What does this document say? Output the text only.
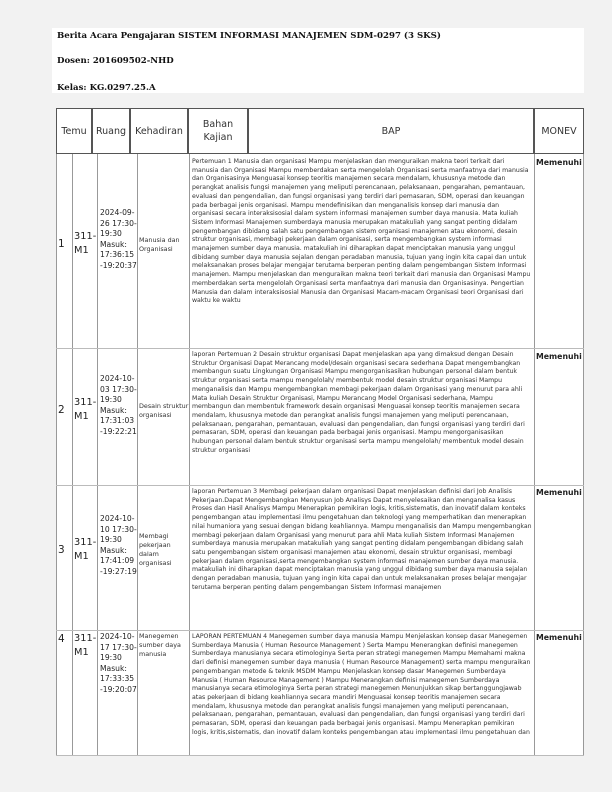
Berita Acara Pengajaran SISTEM INFORMASI MANAJEMEN SDM-0297 (3 SKS)
Dosen: 201609502-NHD
Kelas: KG.0297.25.A
Temu Ruang Kehadiran
Bahan Kajian
BAP	MONEV
1
311-M1
2024-09-26 17:30-19:30 Masuk: 17:36:15 -19:20:37
Manusia dan Organisasi
Pertemuan 1 Manusia dan organisasi Mampu menjelaskan dan menguraikan makna teori terkait dari manusia dan Organisasi Mampu memberdakan serta mengelolah Organisasi serta manfaatnya dari manusia dan Organisasinya Menguasai konsep teoritis manajemen secara mendalam, khususnya metode dan perangkat analisis fungsi manajemen yang meliputi perencanaan, pelaksanaan, pengarahan, pemantauan, evaluasi dan pengendalian, dan fungsi organisasi yang terdiri dari pemasaran, SDM, operasi dan keuangan pada berbagai jenis organisasi. Mampu mendefinisikan dan menganalisis konsep dari manusia dan organisasi secara interaksisosial dalam system informasi manajemen sumber daya manusia. Mata kuliah Sistem Informasi Manajemen sumberdaya manusia merupakan matakuliah yang sangat penting didalam pengembangan dibidang salah satu pengembangan sistem organisasi manajemen atau ekonomi, desain struktur organisasi, membagi pekerjaan dalam organisasi, serta mengembangkan system informasi manajemen sumber daya manusia. matakuliah ini diharapkan dapat menciptakan manusia yang unggul dibidang sumber daya manusia sejalan dengan peradaban manusia, tujuan yang ingin kita capai dan untuk melaksanakan proses belajar mengajar terutama berperan penting dalam pengembangan Sistem Informasi manajemen. Mampu menjelaskan dan menguraikan makna teori terkait dari manusia dan Organisasi Mampu memberdakan serta mengelolah Organisasi serta manfaatnya dari manusia dan Organisasinya. Pengertian Manusia dan dalam interaksisosial Manusia dan Organisasi Macam-macam Organisasi teori Organisasi dari waktu ke waktu
Memenuhi
2
311-M1
2024-10-03 17:30-19:30 Masuk: 17:31:03 -19:22:21
Desain struktur organisasi
laporan Pertemuan 2 Desain struktur organisasi Dapat menjelaskan apa yang dimaksud dengan Desain Struktur Organisasi Dapat Merancang model/desain organisasi secara sederhana Dapat mengembangkan membangun suatu Lingkungan Organisasi Mampu mengorganisasikan hubungan personal dalam bentuk struktur organisasi serta mampu mengelolah/ membentuk model desain struktur organisasi Mampu menganalisis dan Mampu mengembangkan membagi pekerjaan dalam Organisasi yang menurut para ahli Mata kuliah Desain Struktur Organisasi, Mampu Merancang Model Organisasi sederhana, Mampu membangun dan membentuk framework desain organisasi Menguasai konsep teoritis manajemen secara mendalam, khususnya metode dan perangkat analisis fungsi manajemen yang meliputi perencanaan, pelaksanaan, pengarahan, pemantauan, evaluasi dan pengendalian, dan fungsi organisasi yang terdiri dari pemasaran, SDM, operasi dan keuangan pada berbagai jenis organisasi. Mampu mengorganisasikan hubungan personal dalam bentuk struktur organisasi serta mampu mengelolah/ membentuk model desain struktur organisasi
Memenuhi
3
311-M1
2024-10-10 17:30-19:30 Masuk: 17:41:09 -19:27:19
Membagi pekerjaan dalam organisasi
laporan Pertemuan 3 Membagi pekerjaan dalam organisasi Dapat menjelaskan definisi dari Job Analisis Pekerjaan.Dapat Mengembangkan Menyusun Job Analisys Dapat menyelesaikan dan menganalisa kasus Proses dan Hasil Analisys Mampu Menerapkan pemikiran logis, kritis,sistematis, dan inovatif dalam konteks pengembangan atau implementasi ilmu pengetahuan dan teknologi yang memperhatikan dan menerapkan nilai humaniora yang sesuai dengan bidang keahliannya. Mampu menganalisis dan Mampu mengembangkan membagi pekerjaan dalam Organisasi yang menurut para ahli Mata kuliah Sistem Informasi Manajemen sumberdaya manusia merupakan matakuliah yang sangat penting didalam pengembangan dibidang salah satu pengembangan sistem organisasi manajemen atau ekonomi, desain struktur organisasi, membagi pekerjaan dalam organisasi,serta mengembangkan system informasi manajemen sumber daya manusia. matakuliah ini diharapkan dapat menciptakan manusia yang unggul dibidang sumber daya manusia sejalan dengan peradaban manusia, tujuan yang ingin kita capai dan untuk melaksanakan proses belajar mengajar terutama berperan penting dalam pengembangan Sistem Informasi manajemen
Memenuhi
4 311-M1
2024-10-17 17:30-19:30 Masuk: 17:33:35 -19:20:07
Manegemen sumber daya manusia
LAPORAN PERTEMUAN 4 Manegemen sumber daya manusia Mampu Menjelaskan konsep dasar Manegemen Sumberdaya Manusia ( Human Resource Management ) Serta Mampu Menerangkan definisi manegemen Sumberdaya manusianya secara etimologinya Serta peran strategi manegemen Mampu Memahami makna dari definisi manegemen sumber daya manusia ( Human Resource Management) serta mampu menguraikan pengembangan metode & teknik MSDM Mampu Menjelaskan konsep dasar Manegemen Sumberdaya Manusia ( Human Resource Management ) Mampu Menerangkan definisi manegemen Sumberdaya manusianya secara etimologinya Serta peran strategi manegemen Menunjukkan sikap bertanggungjawab atas pekerjaan di bidang keahliannya secara mandiri Menguasai konsep teoritis manajemen secara mendalam, khususnya metode dan perangkat analisis fungsi manajemen yang meliputi perencanaan, pelaksanaan, pengarahan, pemantauan, evaluasi dan pengendalian, dan fungsi organisasi yang terdiri dari pemasaran, SDM, operasi dan keuangan pada berbagai jenis organisasi. Mampu Menerapkan pemikiran logis, kritis,sistematis, dan inovatif dalam konteks pengembangan atau implementasi ilmu pengetahuan dan
Memenuhi
